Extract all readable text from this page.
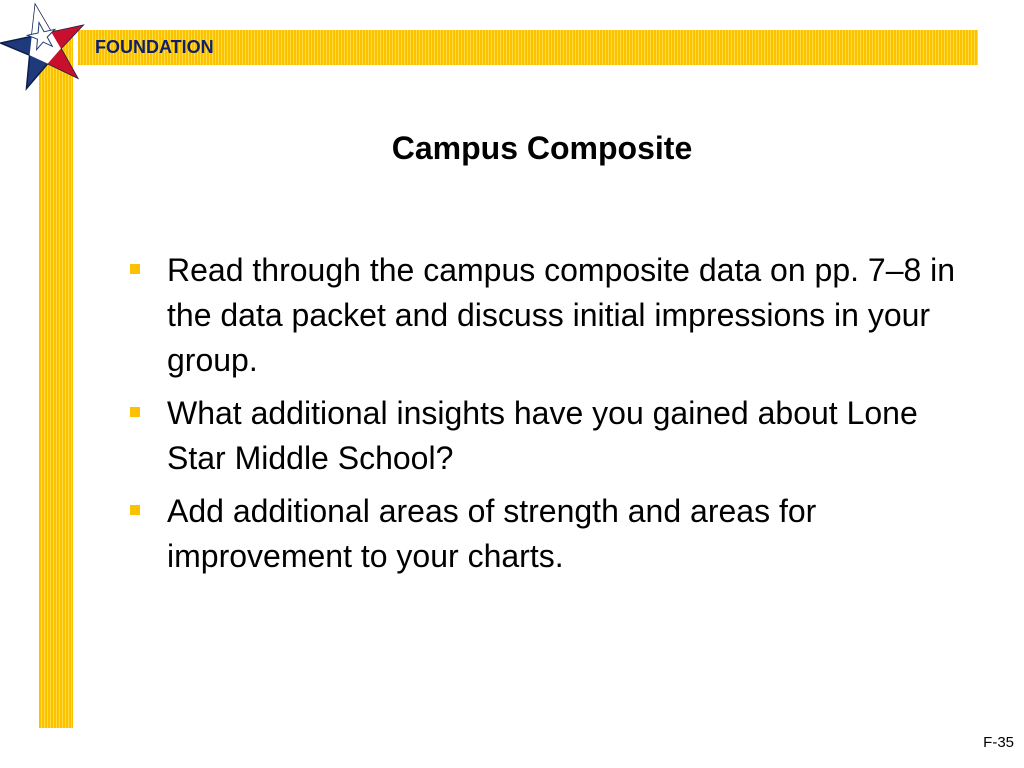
FOUNDATION
Campus Composite
Read through the campus composite data on pp. 7–8 in the data packet and discuss initial impressions in your group.
What additional insights have you gained about Lone Star Middle School?
Add additional areas of strength and areas for improvement to your charts.
F-35
